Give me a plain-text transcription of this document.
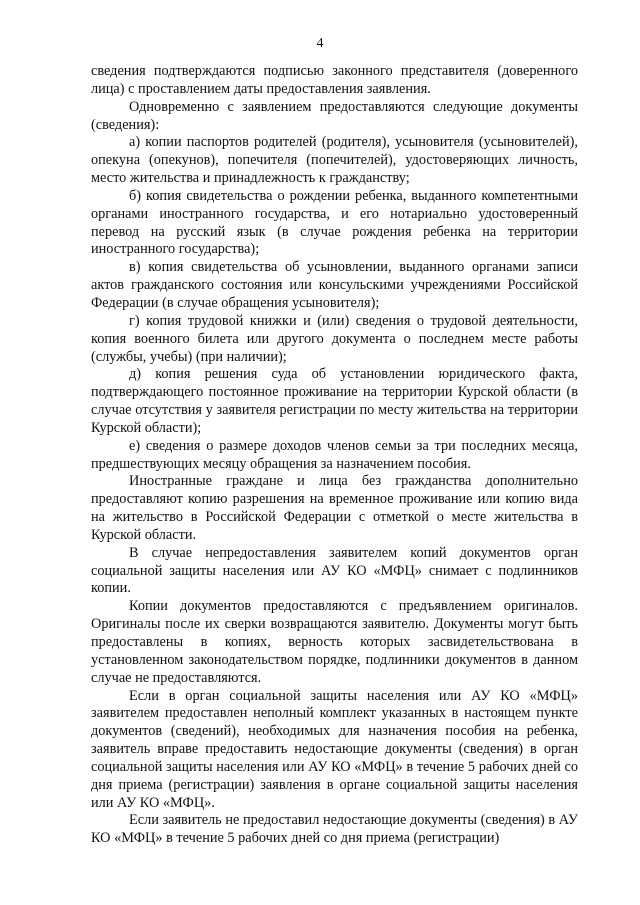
4

сведения подтверждаются подписью законного представителя (доверенного лица) с проставлением даты предоставления заявления.

Одновременно с заявлением предоставляются следующие документы (сведения):

а) копии паспортов родителей (родителя), усыновителя (усыновителей), опекуна (опекунов), попечителя (попечителей), удостоверяющих личность, место жительства и принадлежность к гражданству;

б) копия свидетельства о рождении ребенка, выданного компетентными органами иностранного государства, и его нотариально удостоверенный перевод на русский язык (в случае рождения ребенка на территории иностранного государства);

в) копия свидетельства об усыновлении, выданного органами записи актов гражданского состояния или консульскими учреждениями Российской Федерации (в случае обращения усыновителя);

г) копия трудовой книжки и (или) сведения о трудовой деятельности, копия военного билета или другого документа о последнем месте работы (службы, учебы) (при наличии);

д) копия решения суда об установлении юридического факта, подтверждающего постоянное проживание на территории Курской области (в случае отсутствия у заявителя регистрации по месту жительства на территории Курской области);

е) сведения о размере доходов членов семьи за три последних месяца, предшествующих месяцу обращения за назначением пособия.

Иностранные граждане и лица без гражданства дополнительно предоставляют копию разрешения на временное проживание или копию вида на жительство в Российской Федерации с отметкой о месте жительства в Курской области.

В случае непредоставления заявителем копий документов орган социальной защиты населения или АУ КО «МФЦ» снимает с подлинников копии.

Копии документов предоставляются с предъявлением оригиналов. Оригиналы после их сверки возвращаются заявителю. Документы могут быть предоставлены в копиях, верность которых засвидетельствована в установленном законодательством порядке, подлинники документов в данном случае не предоставляются.

Если в орган социальной защиты населения или АУ КО «МФЦ» заявителем предоставлен неполный комплект указанных в настоящем пункте документов (сведений), необходимых для назначения пособия на ребенка, заявитель вправе предоставить недостающие документы (сведения) в орган социальной защиты населения или АУ КО «МФЦ» в течение 5 рабочих дней со дня приема (регистрации) заявления в органе социальной защиты населения или АУ КО «МФЦ».

Если заявитель не предоставил недостающие документы (сведения) в АУ КО «МФЦ» в течение 5 рабочих дней со дня приема (регистрации)
